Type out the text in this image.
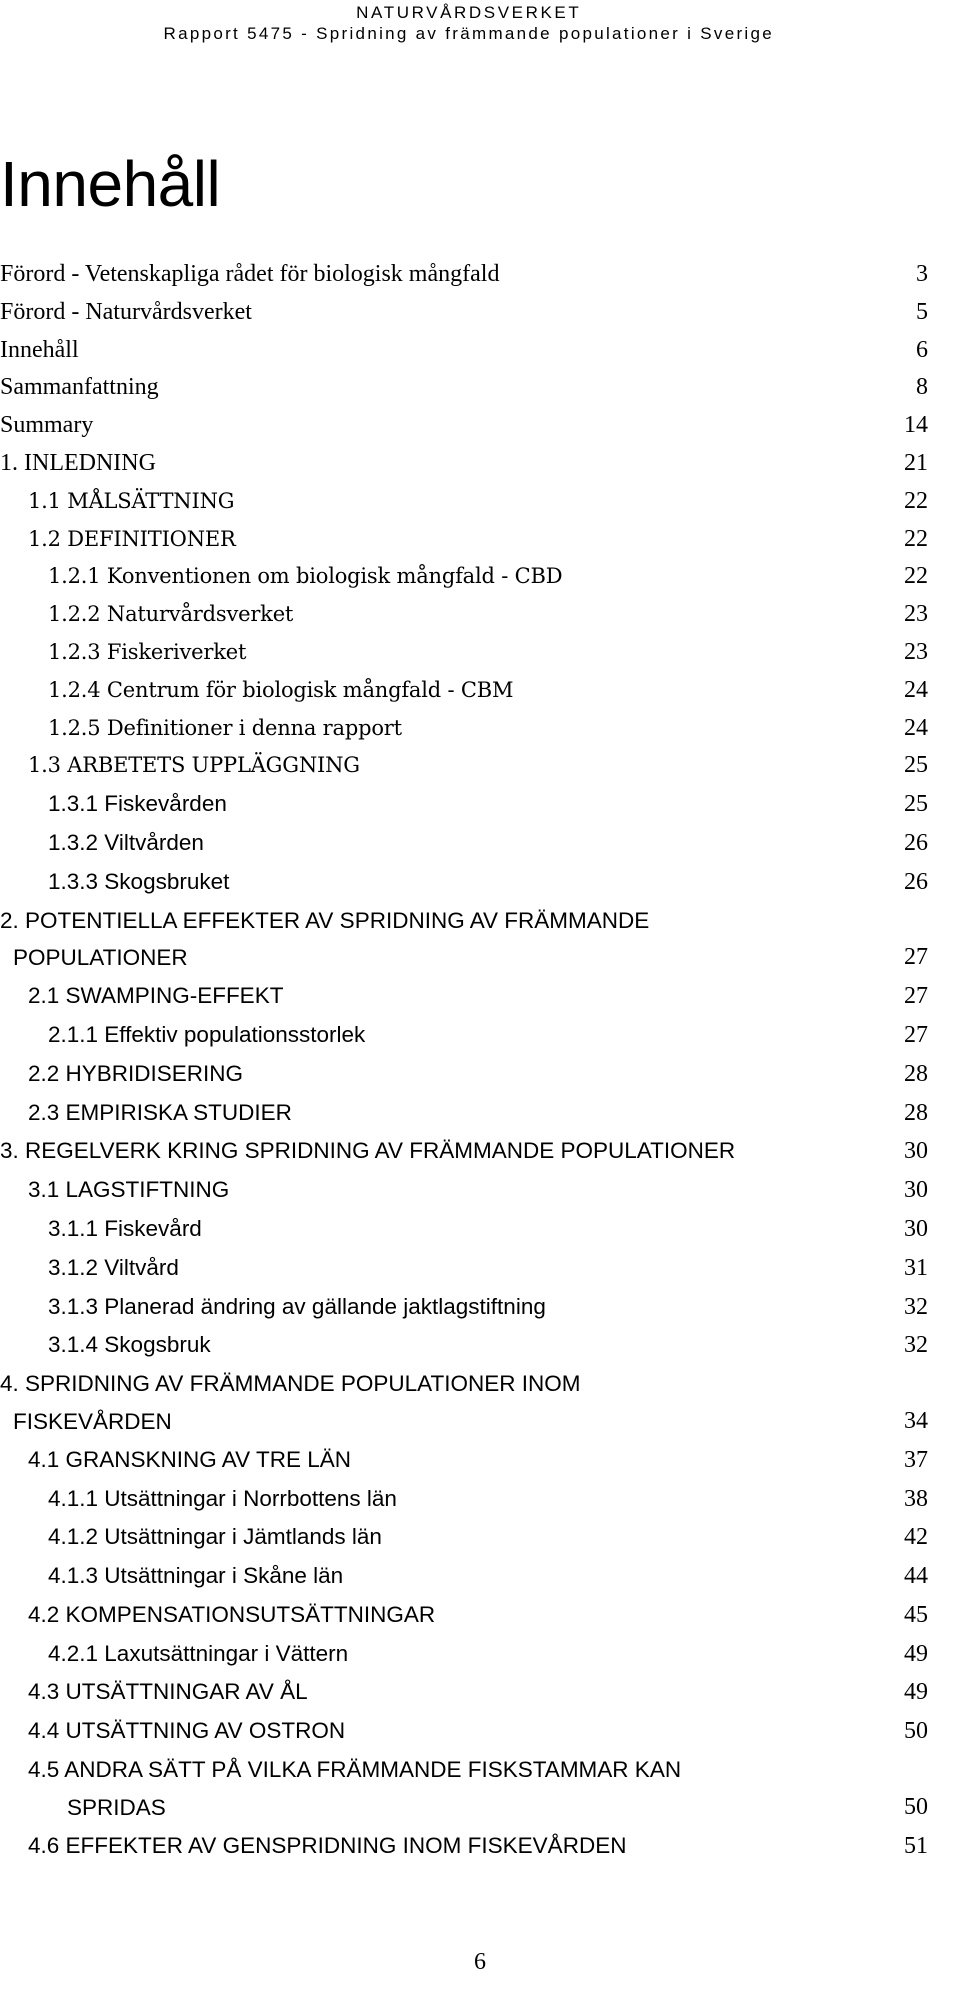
NATURVÅRDSVERKET
Rapport 5475 - Spridning av främmande populationer i Sverige
Innehåll
Förord - Vetenskapliga rådet för biologisk mångfald	3
Förord - Naturvårdsverket	5
Innehåll	6
Sammanfattning	8
Summary	14
1. INLEDNING	21
1.1 MÅLSÄTTNING	22
1.2 DEFINITIONER	22
1.2.1 Konventionen om biologisk mångfald - CBD	22
1.2.2 Naturvårdsverket	23
1.2.3 Fiskeriverket	23
1.2.4 Centrum för biologisk mångfald - CBM	24
1.2.5 Definitioner i denna rapport	24
1.3 ARBETETS UPPLÄGGNING	25
1.3.1 Fiskevården	25
1.3.2 Viltvården	26
1.3.3 Skogsbruket	26
2. POTENTIELLA EFFEKTER AV SPRIDNING AV FRÄMMANDE
POPULATIONER	27
2.1 SWAMPING-EFFEKT	27
2.1.1 Effektiv populationsstorlek	27
2.2 HYBRIDISERING	28
2.3 EMPIRISKA STUDIER	28
3. REGELVERK KRING SPRIDNING AV FRÄMMANDE POPULATIONER	30
3.1 LAGSTIFTNING	30
3.1.1 Fiskevård	30
3.1.2 Viltvård	31
3.1.3 Planerad ändring av gällande jaktlagstiftning	32
3.1.4 Skogsbruk	32
4. SPRIDNING AV FRÄMMANDE POPULATIONER INOM
FISKEVÅRDEN	34
4.1 GRANSKNING AV TRE LÄN	37
4.1.1 Utsättningar i Norrbottens län	38
4.1.2 Utsättningar i Jämtlands län	42
4.1.3 Utsättningar i Skåne län	44
4.2 KOMPENSATIONSUTSÄTTNINGAR	45
4.2.1 Laxutsättningar i Vättern	49
4.3 UTSÄTTNINGAR AV ÅL	49
4.4 UTSÄTTNING AV OSTRON	50
4.5 ANDRA SÄTT PÅ VILKA FRÄMMANDE FISKSTAMMAR KAN
SPRIDAS	50
4.6 EFFEKTER AV GENSPRIDNING INOM FISKEVÅRDEN	51
6
